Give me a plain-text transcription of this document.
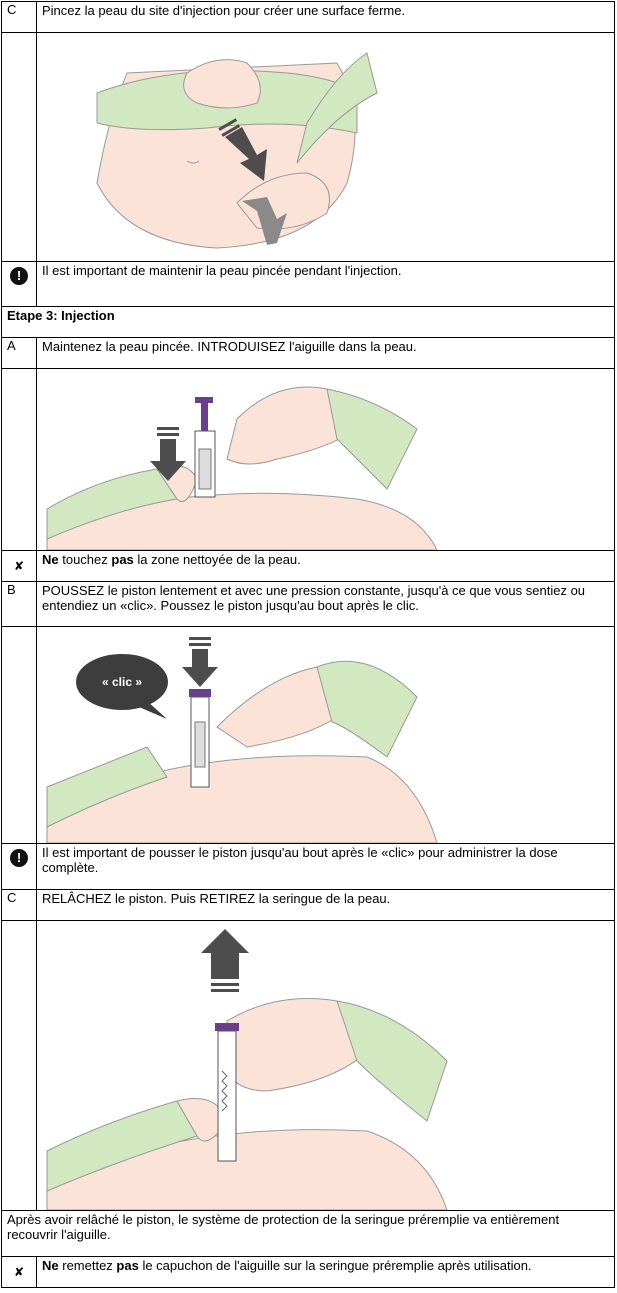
C	Pincez la peau du site d'injection pour créer une surface ferme.

!	Il est important de maintenir la peau pincée pendant l'injection.

Etape 3: Injection	

A	Maintenez la peau pincée. INTRODUISEZ l'aiguille dans la peau.

✘	Ne touchez pas la zone nettoyée de la peau.

B	POUSSEZ le piston lentement et avec une pression constante, jusqu'à ce que vous sentiez ou entendiez un «clic». Poussez le piston jusqu'au bout après le clic.

« clic »

!	Il est important de pousser le piston jusqu'au bout après le «clic» pour administrer la dose complète.

C	RELÂCHEZ le piston. Puis RETIREZ la seringue de la peau.

Après avoir relâché le piston, le système de protection de la seringue préremplie va entièrement recouvrir l'aiguille.	

✘	Ne remettez pas le capuchon de l'aiguille sur la seringue préremplie après utilisation.
